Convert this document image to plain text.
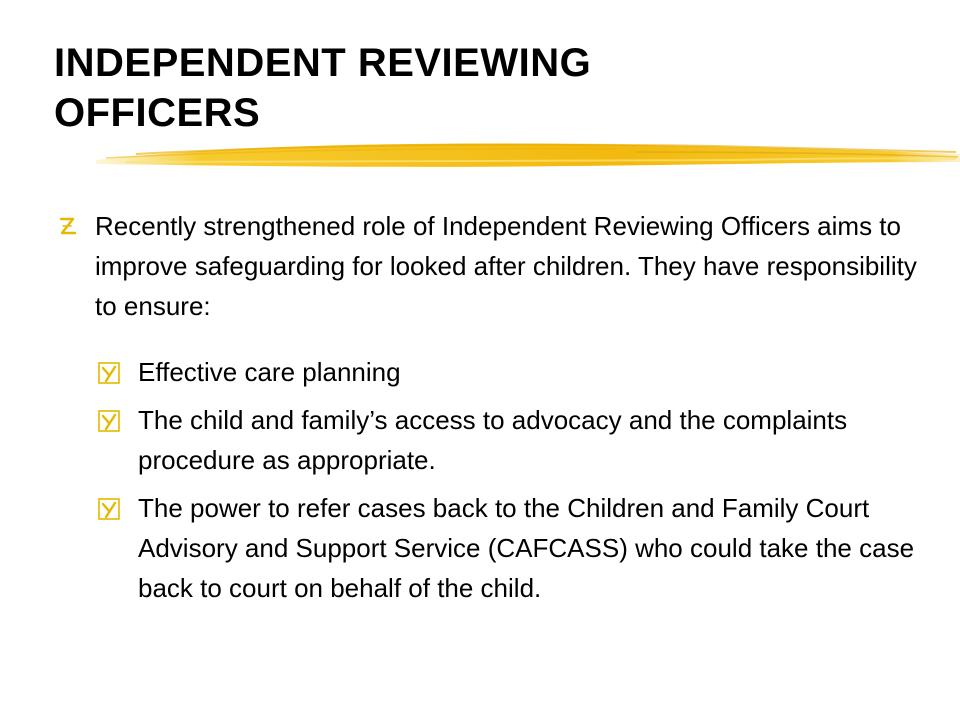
INDEPENDENT REVIEWING
OFFICERS

Recently strengthened role of Independent Reviewing Officers aims to improve safeguarding for looked after children. They have responsibility to ensure:

Effective care planning

The child and family’s access to advocacy and the complaints procedure as appropriate.

The power to refer cases back to the Children and Family Court Advisory and Support Service (CAFCASS) who could take the case back to court on behalf of the child.
